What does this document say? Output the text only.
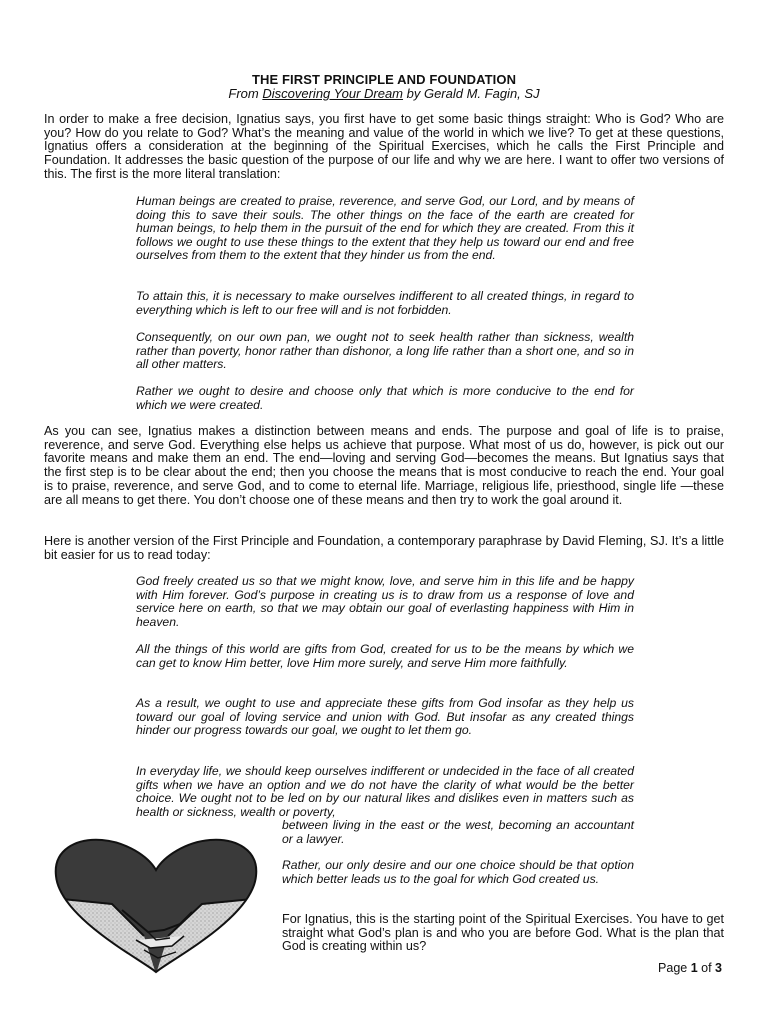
THE FIRST PRINCIPLE AND FOUNDATION
From Discovering Your Dream by Gerald M. Fagin, SJ
In order to make a free decision, Ignatius says, you first have to get some basic things straight: Who is God? Who are you? How do you relate to God? What’s the meaning and value of the world in which we live? To get at these questions, Ignatius offers a consideration at the beginning of the Spiritual Exercises, which he calls the First Principle and Foundation. It addresses the basic question of the purpose of our life and why we are here. I want to offer two versions of this. The first is the more literal translation:
Human beings are created to praise, reverence, and serve God, our Lord, and by means of doing this to save their souls. The other things on the face of the earth are created for human beings, to help them in the pursuit of the end for which they are created. From this it follows we ought to use these things to the extent that they help us toward our end and free ourselves from them to the extent that they hinder us from the end.
To attain this, it is necessary to make ourselves indifferent to all created things, in regard to everything which is left to our free will and is not forbidden.
Consequently, on our own pan, we ought not to seek health rather than sickness, wealth rather than poverty, honor rather than dishonor, a long life rather than a short one, and so in all other matters.
Rather we ought to desire and choose only that which is more conducive to the end for which we were created.
As you can see, Ignatius makes a distinction between means and ends. The purpose and goal of life is to praise, reverence, and serve God. Everything else helps us achieve that purpose. What most of us do, however, is pick out our favorite means and make them an end. The end—loving and serving God—becomes the means. But Ignatius says that the first step is to be clear about the end; then you choose the means that is most conducive to reach the end. Your goal is to praise, reverence, and serve God, and to come to eternal life. Marriage, religious life, priesthood, single life —these are all means to get there. You don’t choose one of these means and then try to work the goal around it.
Here is another version of the First Principle and Foundation, a contemporary paraphrase by David Fleming, SJ. It’s a little bit easier for us to read today:
God freely created us so that we might know, love, and serve him in this life and be happy with Him forever. God’s purpose in creating us is to draw from us a response of love and service here on earth, so that we may obtain our goal of everlasting happiness with Him in heaven.
All the things of this world are gifts from God, created for us to be the means by which we can get to know Him better, love Him more surely, and serve Him more faithfully.
As a result, we ought to use and appreciate these gifts from God insofar as they help us toward our goal of loving service and union with God. But insofar as any created things hinder our progress towards our goal, we ought to let them go.
In everyday life, we should keep ourselves indifferent or undecided in the face of all created gifts when we have an option and we do not have the clarity of what would be the better choice. We ought not to be led on by our natural likes and dislikes even in matters such as health or sickness, wealth or poverty,
between living in the east or the west, becoming an accountant or a lawyer.
Rather, our only desire and our one choice should be that option which better leads us to the goal for which God created us.
For Ignatius, this is the starting point of the Spiritual Exercises. You have to get straight what God’s plan is and who you are before God. What is the plan that God is creating within us?
Page 1 of 3
